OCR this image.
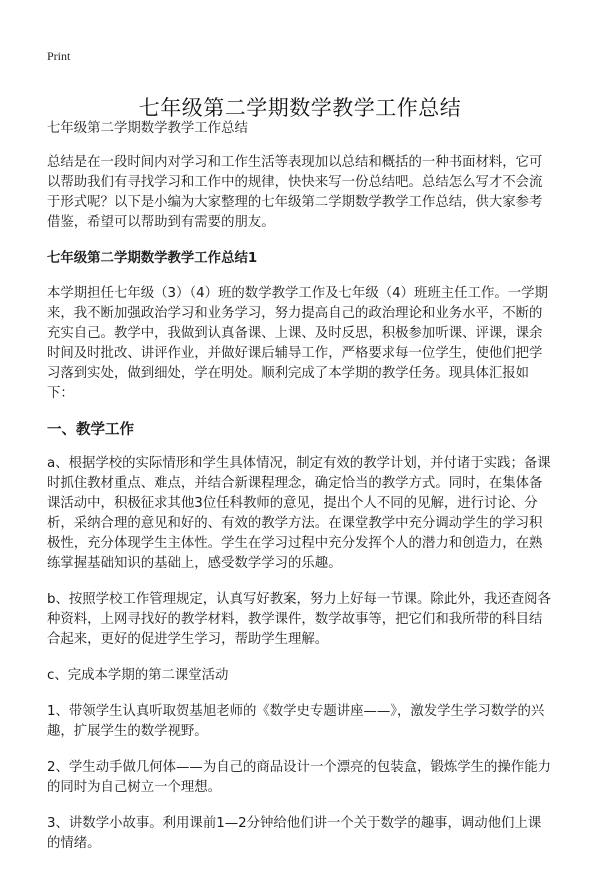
Print
七年级第二学期数学教学工作总结

七年级第二学期数学教学工作总结

总结是在一段时间内对学习和工作生活等表现加以总结和概括的一种书面材料，它可以帮助我们有寻找学习和工作中的规律，快快来写一份总结吧。总结怎么写才不会流于形式呢？以下是小编为大家整理的七年级第二学期数学教学工作总结，供大家参考借鉴，希望可以帮助到有需要的朋友。

七年级第二学期数学教学工作总结1

本学期担任七年级（3）（4）班的数学教学工作及七年级（4）班班主任工作。一学期来，我不断加强政治学习和业务学习，努力提高自己的政治理论和业务水平，不断的充实自己。教学中，我做到认真备课、上课、及时反思，积极参加听课、评课，课余时间及时批改、讲评作业，并做好课后辅导工作，严格要求每一位学生，使他们把学习落到实处，做到细处，学在明处。顺利完成了本学期的教学任务。现具体汇报如下：

一、教学工作

a、根据学校的实际情形和学生具体情况，制定有效的教学计划，并付诸于实践；备课时抓住教材重点、难点，并结合新课程理念，确定恰当的教学方式。同时，在集体备课活动中，积极征求其他3位任科教师的意见，提出个人不同的见解，进行讨论、分析，采纳合理的意见和好的、有效的教学方法。在课堂教学中充分调动学生的学习积极性，充分体现学生主体性。学生在学习过程中充分发挥个人的潜力和创造力，在熟练掌握基础知识的基础上，感受数学学习的乐趣。

b、按照学校工作管理规定，认真写好教案，努力上好每一节课。除此外，我还查阅各种资料，上网寻找好的教学材料，教学课件，数学故事等，把它们和我所带的科目结合起来，更好的促进学生学习，帮助学生理解。

c、完成本学期的第二课堂活动

1、带领学生认真听取贺基旭老师的《数学史专题讲座——》，激发学生学习数学的兴趣，扩展学生的数学视野。

2、学生动手做几何体——为自己的商品设计一个漂亮的包装盒，锻炼学生的操作能力的同时为自己树立一个理想。

3、讲数学小故事。利用课前1—2分钟给他们讲一个关于数学的趣事，调动他们上课的情绪。
